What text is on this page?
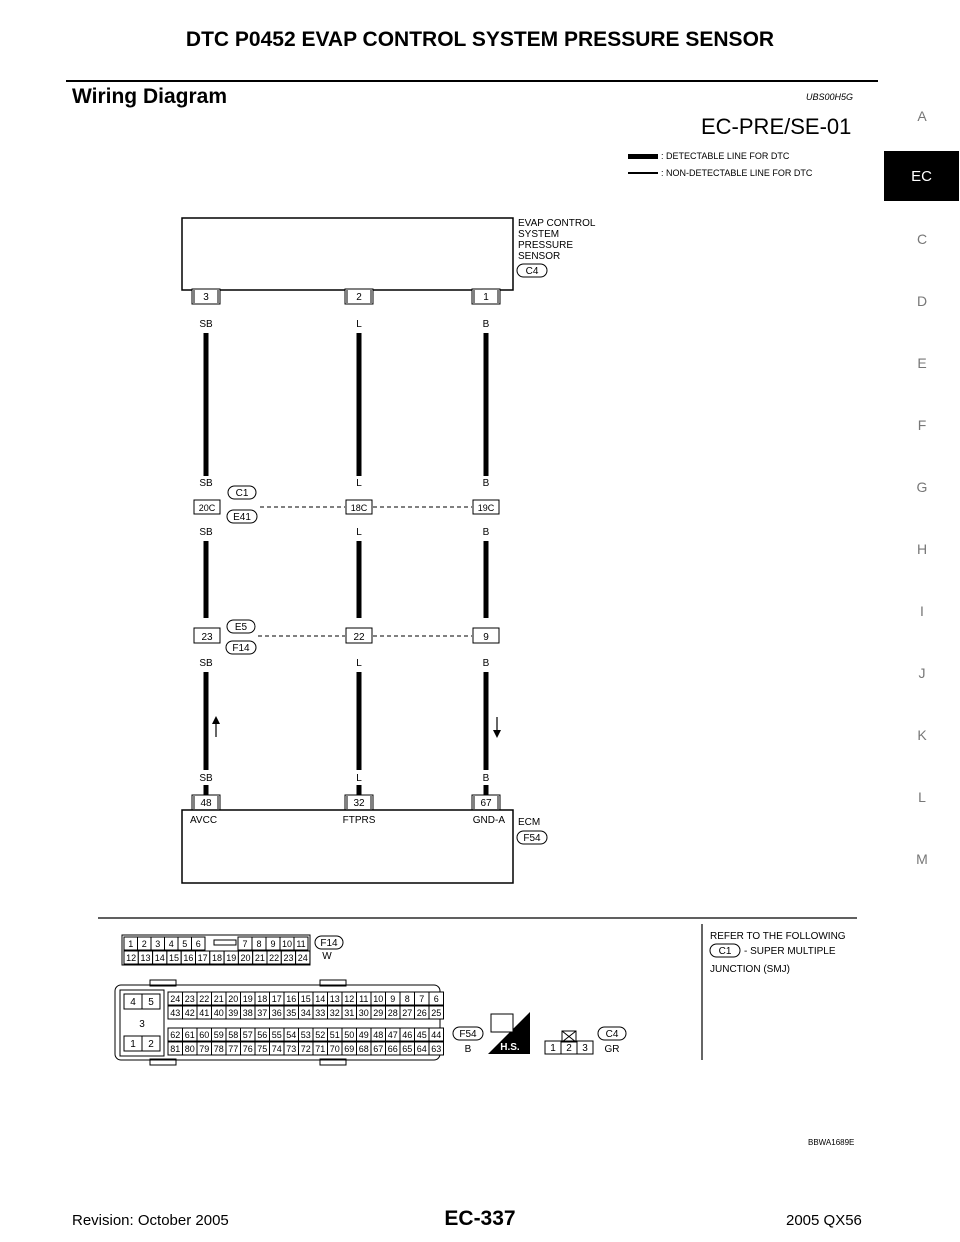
DTC P0452 EVAP CONTROL SYSTEM PRESSURE SENSOR
Wiring Diagram	UBS00H5G
EC-PRE/SE-01	A
EC
C
D
E
F
G
H
I
J
K
L
M
: DETECTABLE LINE FOR DTC
: NON-DETECTABLE LINE FOR DTC
EVAP CONTROL
SYSTEM
PRESSURE
SENSOR
C4
3	2	1
SB	L	B
SB	L	B
SB	L	B
SB	L	B
SB	L	B
20C	18C	19C
C1
E41
23	22	9
E5
F14
48	32	67
AVCC	FTPRS	GND-A ECM
F54
1 2 3 4 5 6	7 8 9 10 11
12 13 14 15 16 17 18 19 20 21 22 23 24
F14
W
4 5
3
1 2
24 23 22 21 20 19 18 17 16 15 14 13 12 11 10 9 8 7 6
43 42 41 40 39 38 37 36 35 34 33 32 31 30 29 28 27 26 25
62 61 60 59 58 57 56 55 54 53 52 51 50 49 48 47 46 45 44
81 80 79 78 77 76 75 74 73 72 71 70 69 68 67 66 65 64 63
F54
B	H.S.	1 2 3
C4
GR
REFER TO THE FOLLOWING
C1 - SUPER MULTIPLE
JUNCTION (SMJ)
BBWA1689E
Revision: October 2005	EC-337	2005 QX56
